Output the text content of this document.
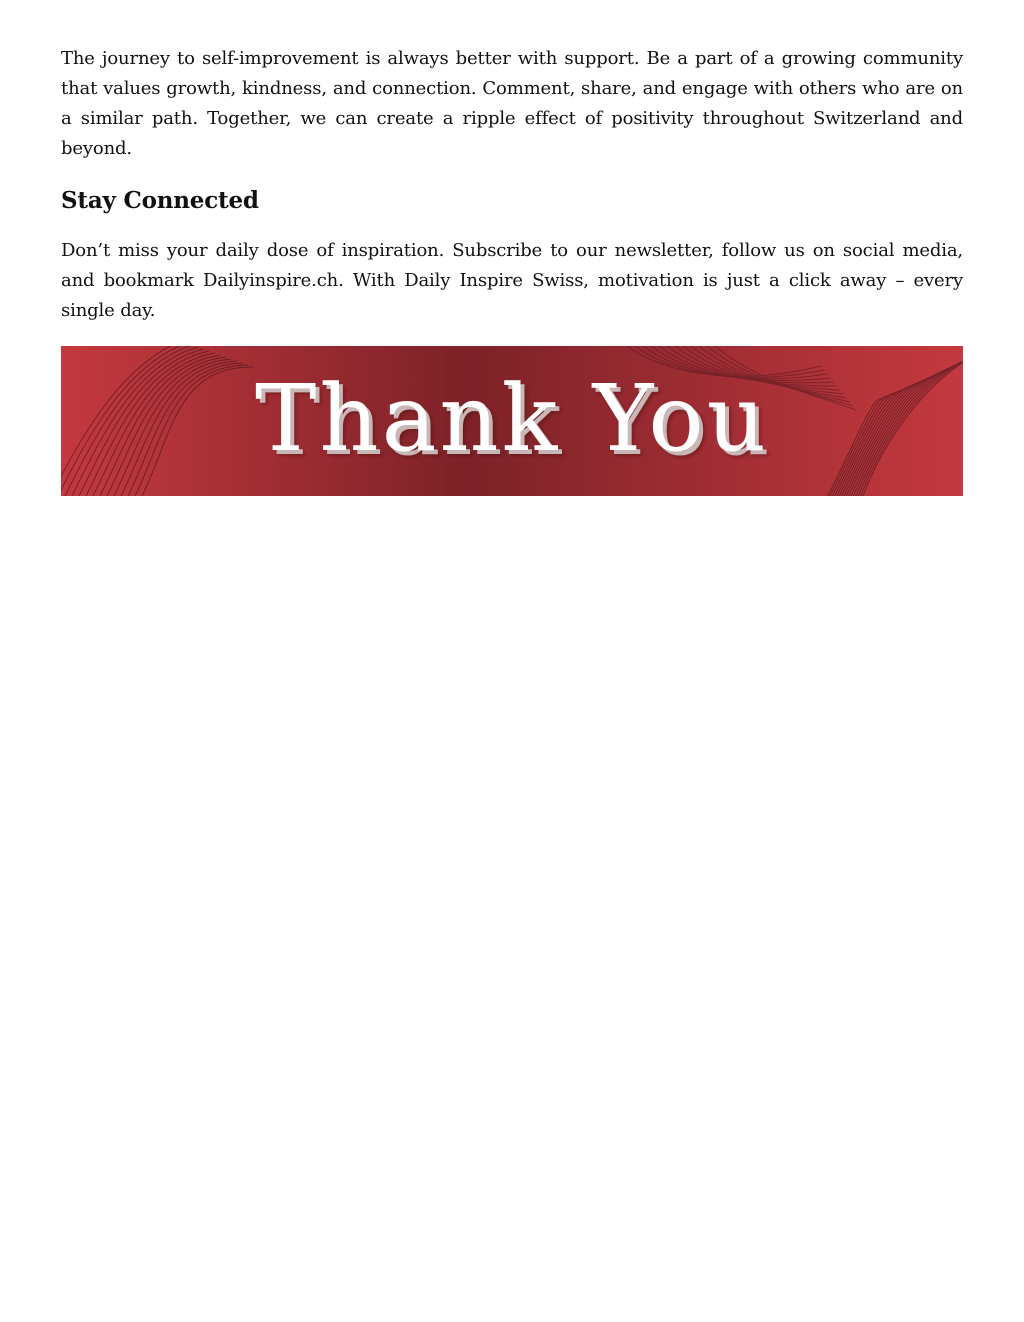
The journey to self-improvement is always better with support. Be a part of a growing community that values growth, kindness, and connection. Comment, share, and engage with others who are on a similar path. Together, we can create a ripple effect of positivity throughout Switzerland and beyond.

Stay Connected

Don’t miss your daily dose of inspiration. Subscribe to our newsletter, follow us on social media, and bookmark Dailyinspire.ch. With Daily Inspire Swiss, motivation is just a click away – every single day.

Thank You
